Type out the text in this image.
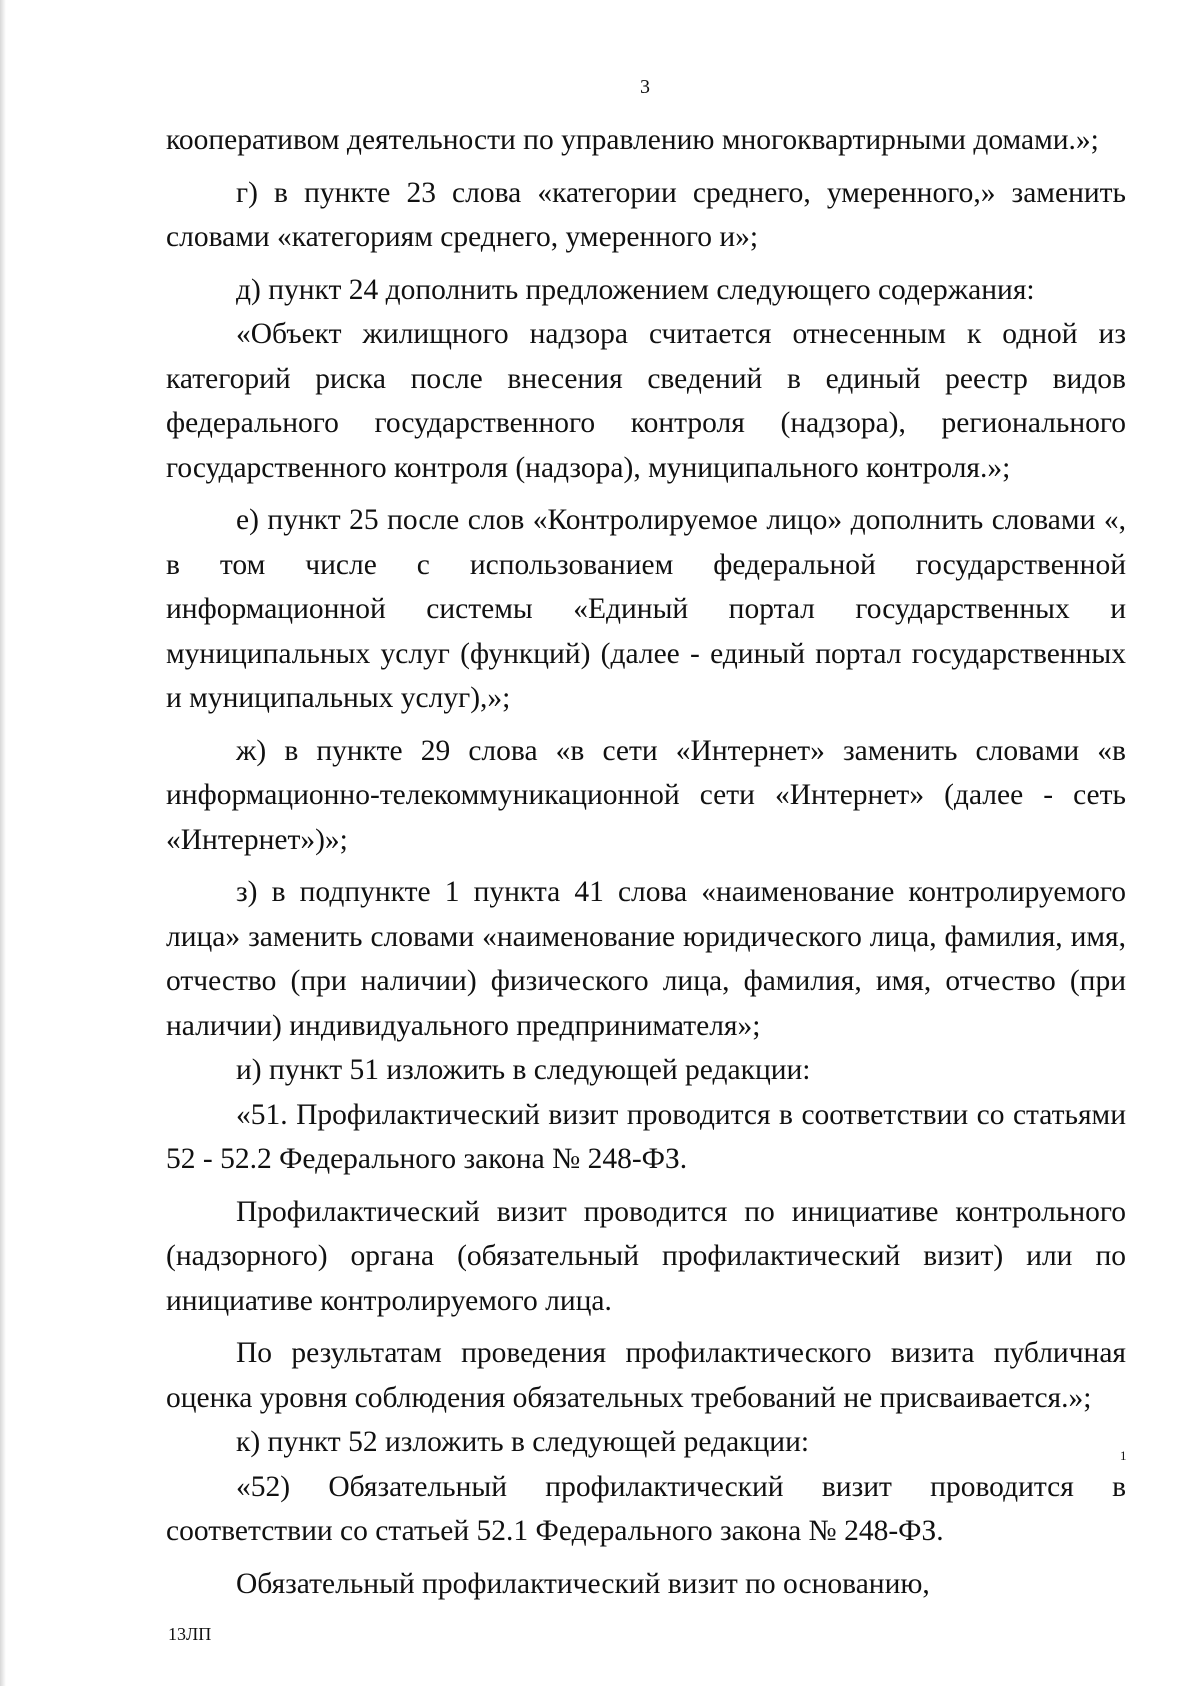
3

кооперативом деятельности по управлению многоквартирными домами.»;

г) в пункте 23 слова «категории среднего, умеренного,» заменить словами «категориям среднего, умеренного и»;

д) пункт 24 дополнить предложением следующего содержания:

«Объект жилищного надзора считается отнесенным к одной из категорий риска после внесения сведений в единый реестр видов федерального государственного контроля (надзора), регионального государственного контроля (надзора), муниципального контроля.»;

е) пункт 25 после слов «Контролируемое лицо» дополнить словами «, в том числе с использованием федеральной государственной информационной системы «Единый портал государственных и муниципальных услуг (функций) (далее - единый портал государственных и муниципальных услуг),»;

ж) в пункте 29 слова «в сети «Интернет» заменить словами «в информационно-телекоммуникационной сети «Интернет» (далее - сеть «Интернет»)»;

з) в подпункте 1 пункта 41 слова «наименование контролируемого лица» заменить словами «наименование юридического лица, фамилия, имя, отчество (при наличии) физического лица, фамилия, имя, отчество (при наличии) индивидуального предпринимателя»;

и) пункт 51 изложить в следующей редакции:

«51. Профилактический визит проводится в соответствии со статьями 52 - 52.2 Федерального закона № 248-ФЗ.

Профилактический визит проводится по инициативе контрольного (надзорного) органа (обязательный профилактический визит) или по инициативе контролируемого лица.

По результатам проведения профилактического визита публичная оценка уровня соблюдения обязательных требований не присваивается.»;

к) пункт 52 изложить в следующей редакции:

«52) Обязательный профилактический визит проводится в соответствии со статьей 52.1 Федерального закона № 248-ФЗ.

Обязательный профилактический визит по основанию,

1
13ЛП
